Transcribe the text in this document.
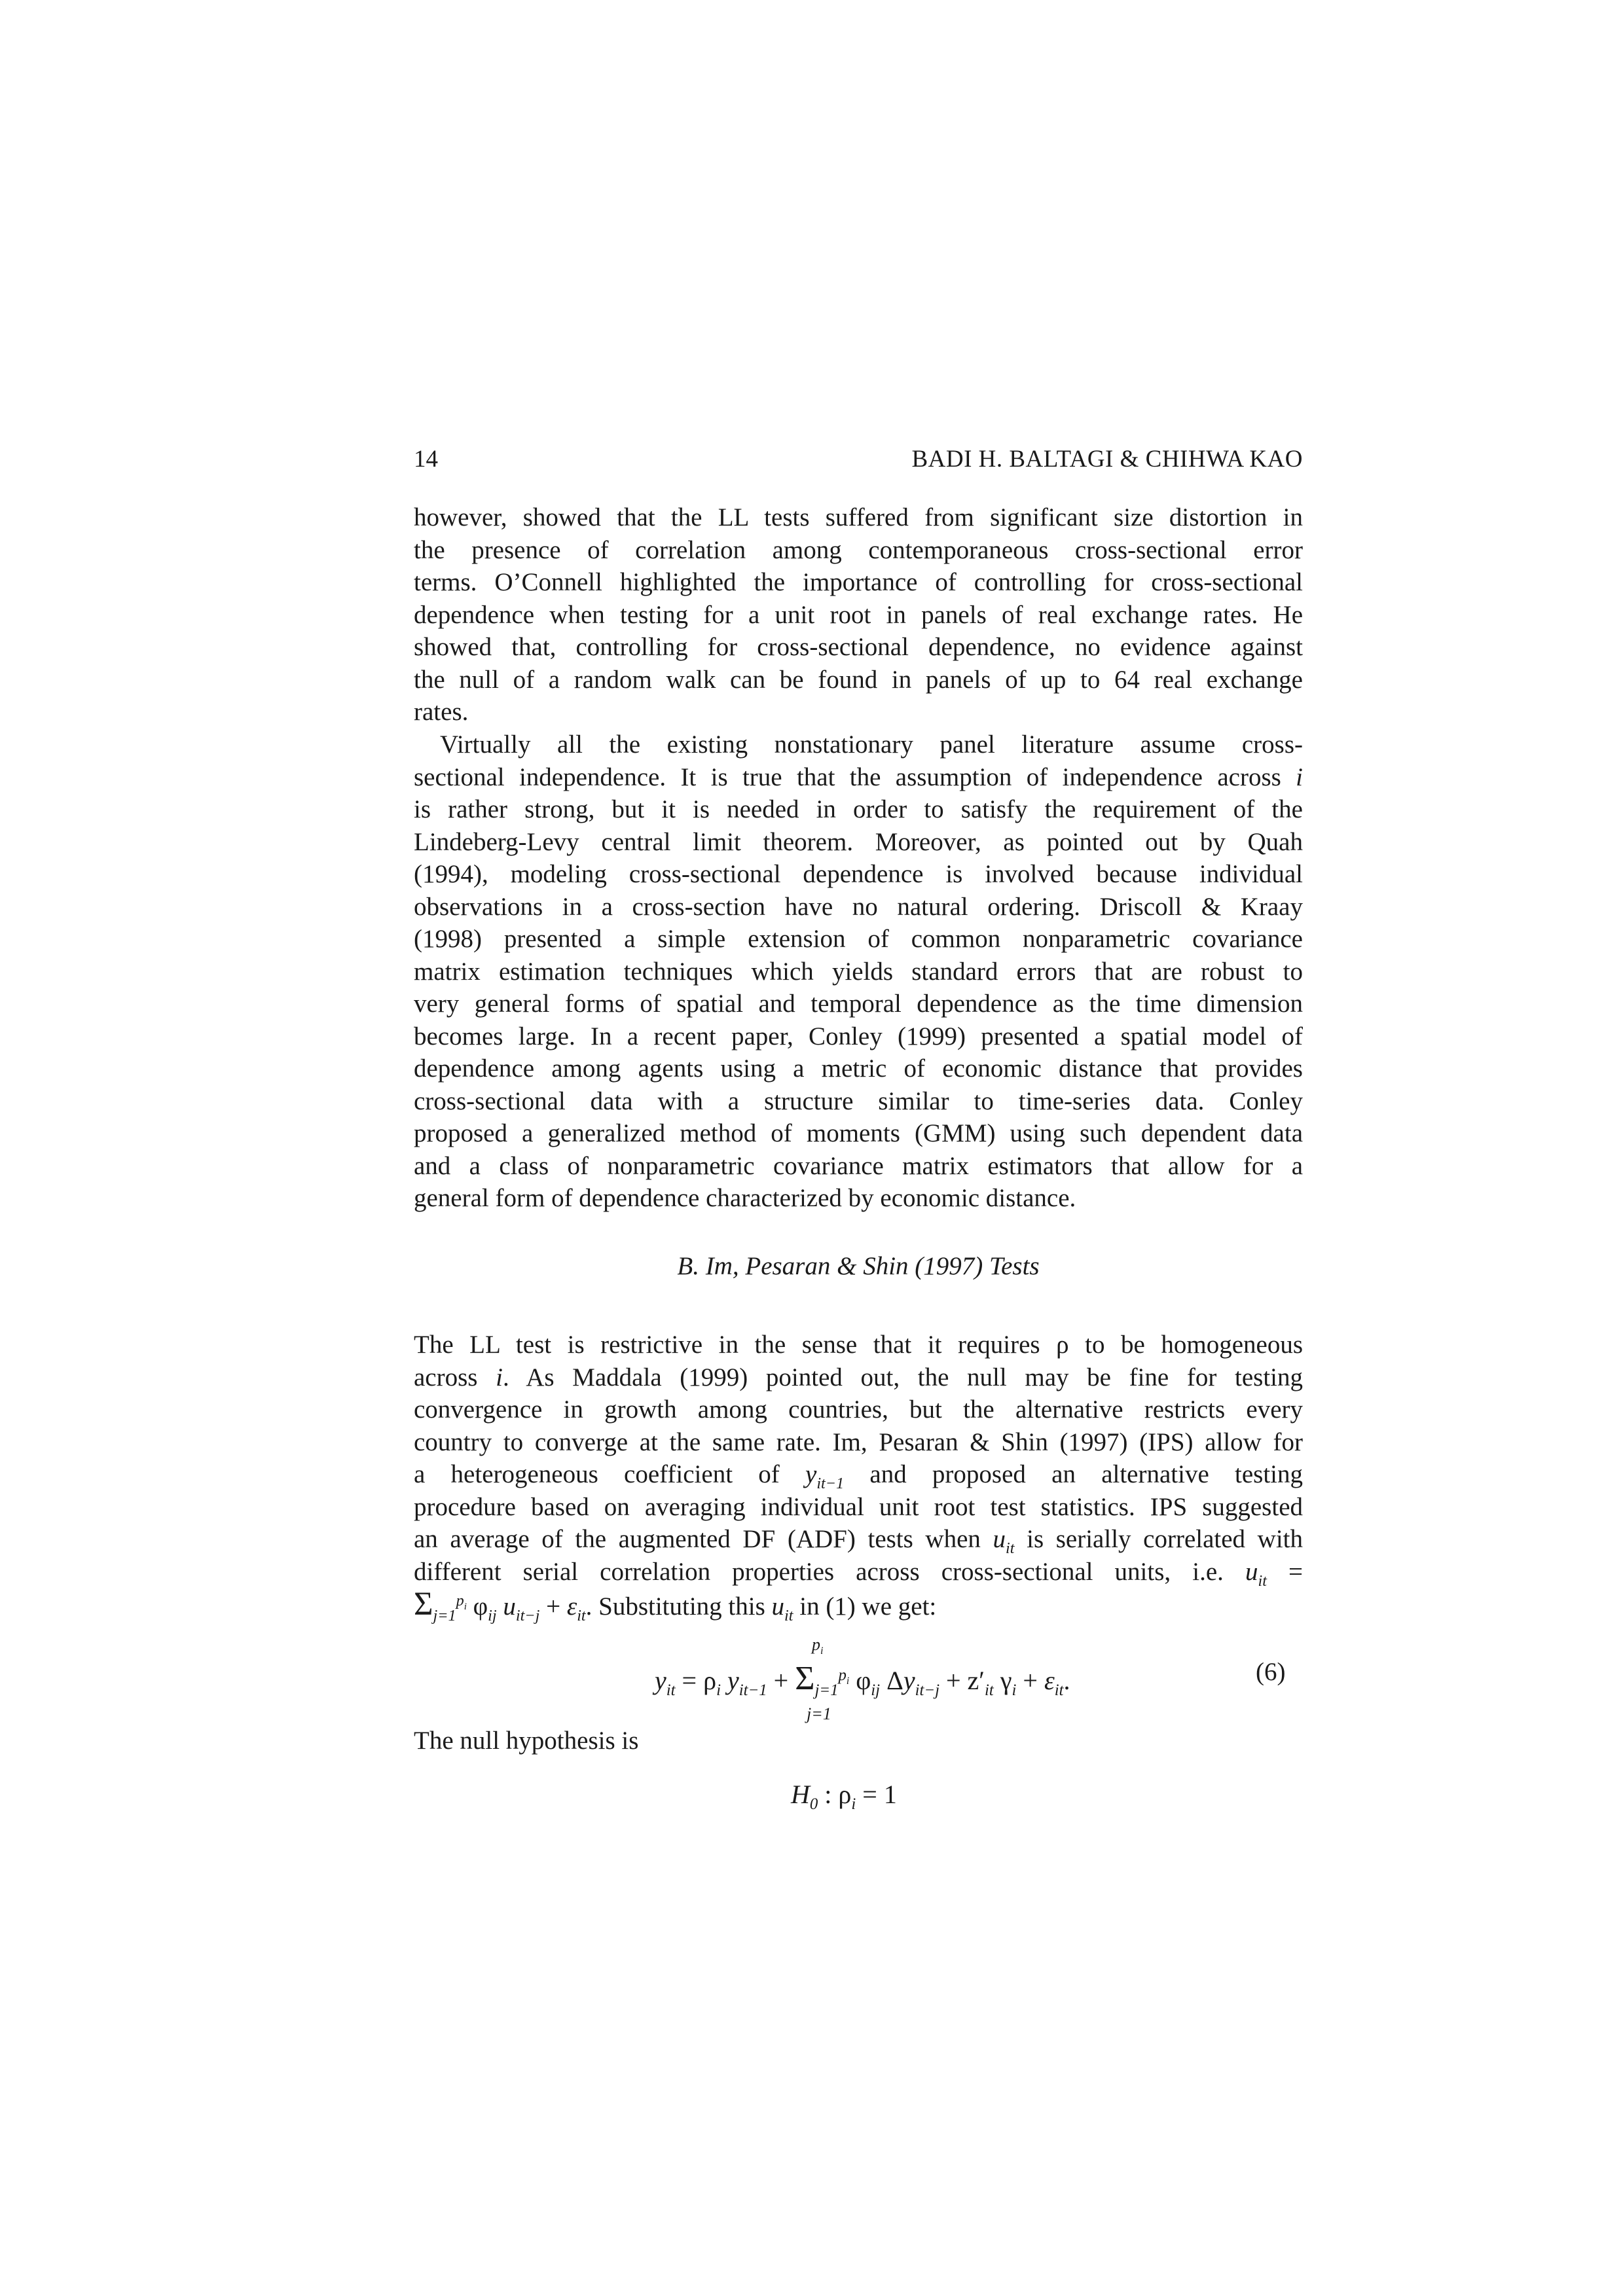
14	BADI H. BALTAGI & CHIHWA KAO
however, showed that the LL tests suffered from significant size distortion in
the presence of correlation among contemporaneous cross-sectional error
terms. O’Connell highlighted the importance of controlling for cross-sectional
dependence when testing for a unit root in panels of real exchange rates. He
showed that, controlling for cross-sectional dependence, no evidence against
the null of a random walk can be found in panels of up to 64 real exchange
rates.
Virtually all the existing nonstationary panel literature assume cross-
sectional independence. It is true that the assumption of independence across i
is rather strong, but it is needed in order to satisfy the requirement of the
Lindeberg-Levy central limit theorem. Moreover, as pointed out by Quah
(1994), modeling cross-sectional dependence is involved because individual
observations in a cross-section have no natural ordering. Driscoll & Kraay
(1998) presented a simple extension of common nonparametric covariance
matrix estimation techniques which yields standard errors that are robust to
very general forms of spatial and temporal dependence as the time dimension
becomes large. In a recent paper, Conley (1999) presented a spatial model of
dependence among agents using a metric of economic distance that provides
cross-sectional data with a structure similar to time-series data. Conley
proposed a generalized method of moments (GMM) using such dependent data
and a class of nonparametric covariance matrix estimators that allow for a
general form of dependence characterized by economic distance.
B. Im, Pesaran & Shin (1997) Tests
The LL test is restrictive in the sense that it requires ρ to be homogeneous
across i. As Maddala (1999) pointed out, the null may be fine for testing
convergence in growth among countries, but the alternative restricts every
country to converge at the same rate. Im, Pesaran & Shin (1997) (IPS) allow for
a heterogeneous coefficient of $y_{it-1}$ and proposed an alternative testing
procedure based on averaging individual unit root test statistics. IPS suggested
an average of the augmented DF (ADF) tests when $u_{it}$ is serially correlated with
different serial correlation properties across cross-sectional units, i.e. $u_{it}$ =
$\Sigma_{j=1}^{p_i}$ $\varphi_{ij}$ $u_{it-j} + \varepsilon_{it}$. Substituting this $u_{it}$ in (1) we get:
$y_{it} = \rho_i$ $y_{it-1} + \Sigma_{j=1}^{p_i}$ $\varphi_{ij}$ $\Delta y_{it-j} + z'_{it}$ $\gamma_i + \varepsilon_{it}$.
$p_i$
j=1
(6)
The null hypothesis is
$H_0$ : $\rho_i = 1$
